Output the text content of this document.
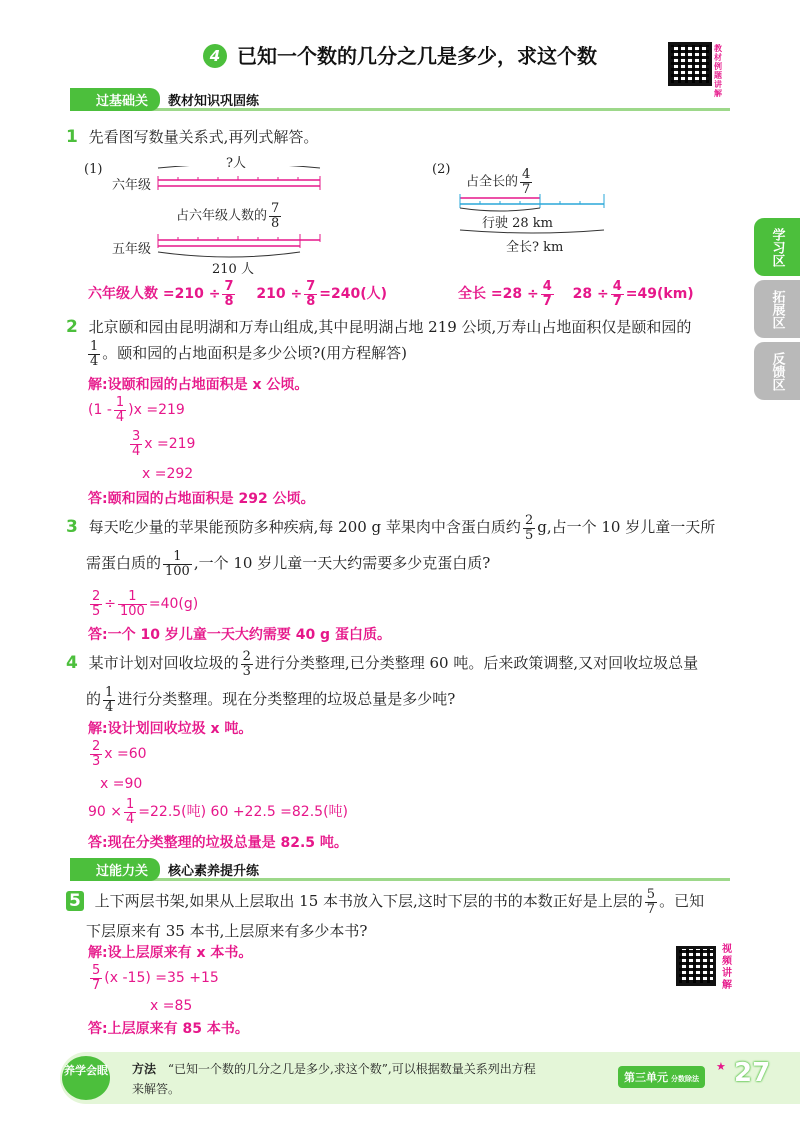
4 已知一个数的几分之几是多少，求这个数	教材例题讲解
过基础关 教材知识巩固练
学习区
拓展区
反馈区
1 先看图写数量关系式,再列式解答。
(1)	?人
六年级
占六年级人数的 $\frac{7}{8}$
五年级
210 人
(2)
占全长的 $\frac{4}{7}$
行驶 28 km
全长? km
六年级人数 $=210 \div \frac{7}{8} 210 \div \frac{7}{8} =240$(人)	全长 $=28 \div \frac{4}{7} 28 \div \frac{4}{7} =49(km)$
2 北京颐和园由昆明湖和万寿山组成,其中昆明湖占地 219 公顷,万寿山占地面积仅是颐和园的
$\frac{1}{4}$ 。颐和园的占地面积是多少公顷?(用方程解答)
解:设颐和园的占地面积是 x 公顷。
$(1 - \frac{1}{4} )x =219$
$\frac{3}{4}$ x =219
x =292
答:颐和园的占地面积是 292 公顷。
3 每天吃少量的苹果能预防多种疾病,每 200 g 苹果肉中含蛋白质约 $\frac{2}{5} g$,占一个 10 岁儿童一天所
需蛋白质的 $\frac{1}{100}$ ,一个 10 岁儿童一天大约需要多少克蛋白质?
$\frac{2}{5} \div \frac{1}{100} =40(g)$
答:一个 10 岁儿童一天大约需要 40 g 蛋白质。
4 某市计划对回收垃圾的 $\frac{2}{3}$ 进行分类整理,已分类整理 60 吨。后来政策调整,又对回收垃圾总量
的 $\frac{1}{4}$ 进行分类整理。现在分类整理的垃圾总量是多少吨?
解:设计划回收垃圾 x 吨。
$\frac{2}{3}$ x =60
x =90
$90 \times \frac{1}{4} =22.5$(吨) 60 +22.5 =82.5(吨)
答:现在分类整理的垃圾总量是 82.5 吨。
过能力关 核心素养提升练
5 上下两层书架,如果从上层取出 15 本书放入下层,这时下层的书的本数正好是上层的 $\frac{5}{7}$ 。已知
下层原来有 35 本书,上层原来有多少本书?
解:设上层原来有 x 本书。
$\frac{5}{7} (x$ -15) =35 +15
x =85
答:上层原来有 85 本书。
视频讲解
养学会眼 方法 “已知一个数的几分之几是多少,求这个数”,可以根据数量关系列出方程
来解答。
第三单元 分数除法
★ 27
